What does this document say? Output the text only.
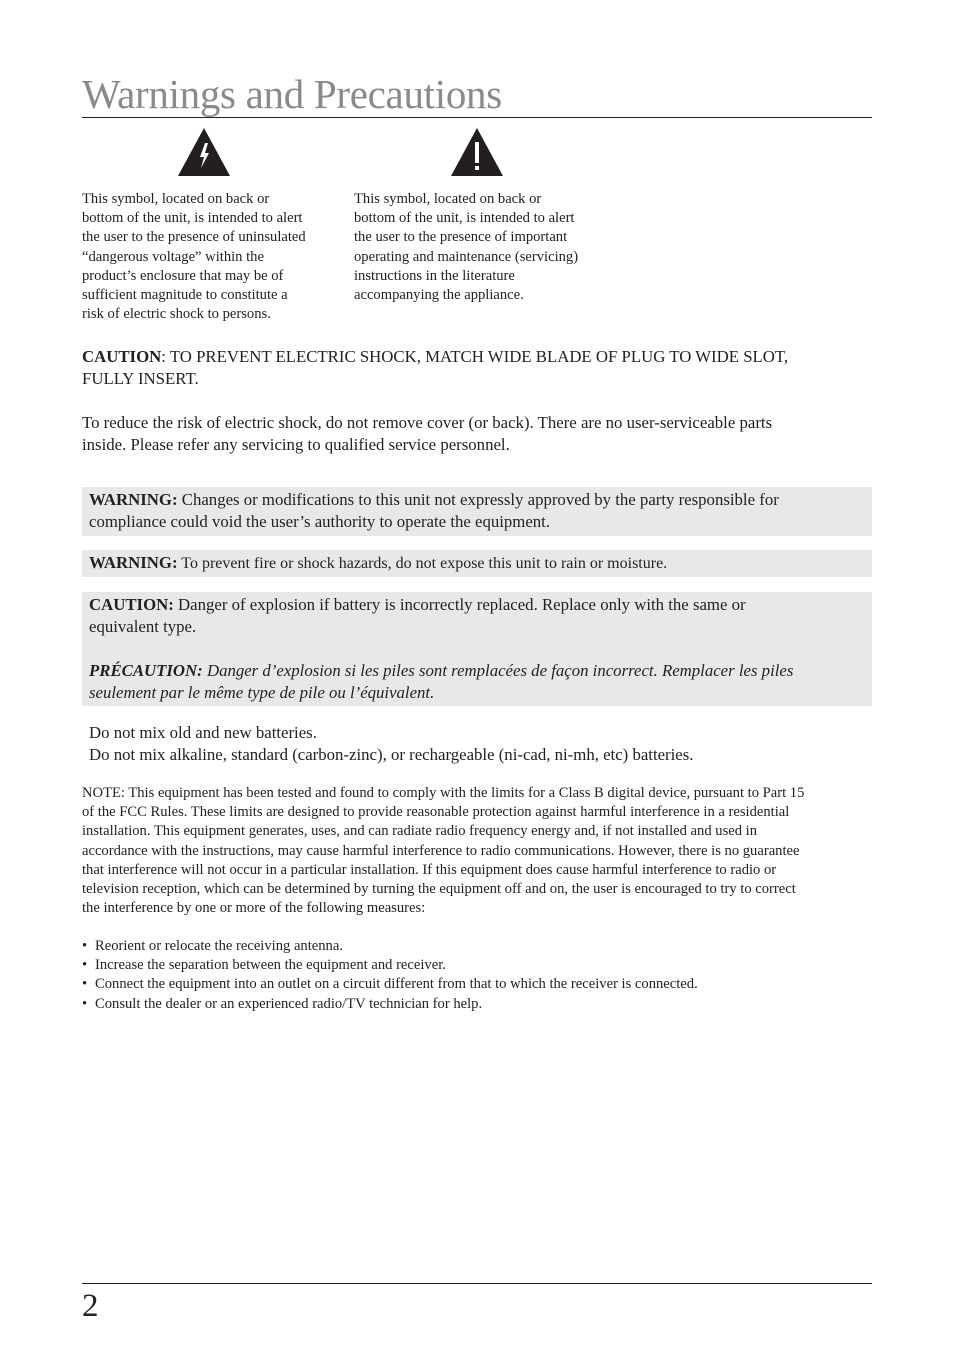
Warnings and Precautions
This symbol, located on back or
bottom of the unit, is intended to alert
the user to the presence of uninsulated
“dangerous voltage” within the
product’s enclosure that may be of
sufficient magnitude to constitute a
risk of electric shock to persons.
This symbol, located on back or
bottom of the unit, is intended to alert
the user to the presence of important
operating and maintenance (servicing)
instructions in the literature
accompanying the appliance.
CAUTION: TO PREVENT ELECTRIC SHOCK, MATCH WIDE BLADE OF PLUG TO WIDE SLOT,
FULLY INSERT.
To reduce the risk of electric shock, do not remove cover (or back). There are no user-serviceable parts
inside. Please refer any servicing to qualified service personnel.
WARNING: Changes or modifications to this unit not expressly approved by the party responsible for
compliance could void the user’s authority to operate the equipment.
WARNING: To prevent fire or shock hazards, do not expose this unit to rain or moisture.
CAUTION: Danger of explosion if battery is incorrectly replaced. Replace only with the same or
equivalent type.
PRÉCAUTION: Danger d’explosion si les piles sont remplacées de façon incorrect. Remplacer les piles
seulement par le même type de pile ou l’équivalent.
Do not mix old and new batteries.
Do not mix alkaline, standard (carbon-zinc), or rechargeable (ni-cad, ni-mh, etc) batteries.
NOTE: This equipment has been tested and found to comply with the limits for a Class B digital device, pursuant to Part 15
of the FCC Rules. These limits are designed to provide reasonable protection against harmful interference in a residential
installation. This equipment generates, uses, and can radiate radio frequency energy and, if not installed and used in
accordance with the instructions, may cause harmful interference to radio communications. However, there is no guarantee
that interference will not occur in a particular installation. If this equipment does cause harmful interference to radio or
television reception, which can be determined by turning the equipment off and on, the user is encouraged to try to correct
the interference by one or more of the following measures:
• Reorient or relocate the receiving antenna.
• Increase the separation between the equipment and receiver.
• Connect the equipment into an outlet on a circuit different from that to which the receiver is connected.
• Consult the dealer or an experienced radio/TV technician for help.
2
